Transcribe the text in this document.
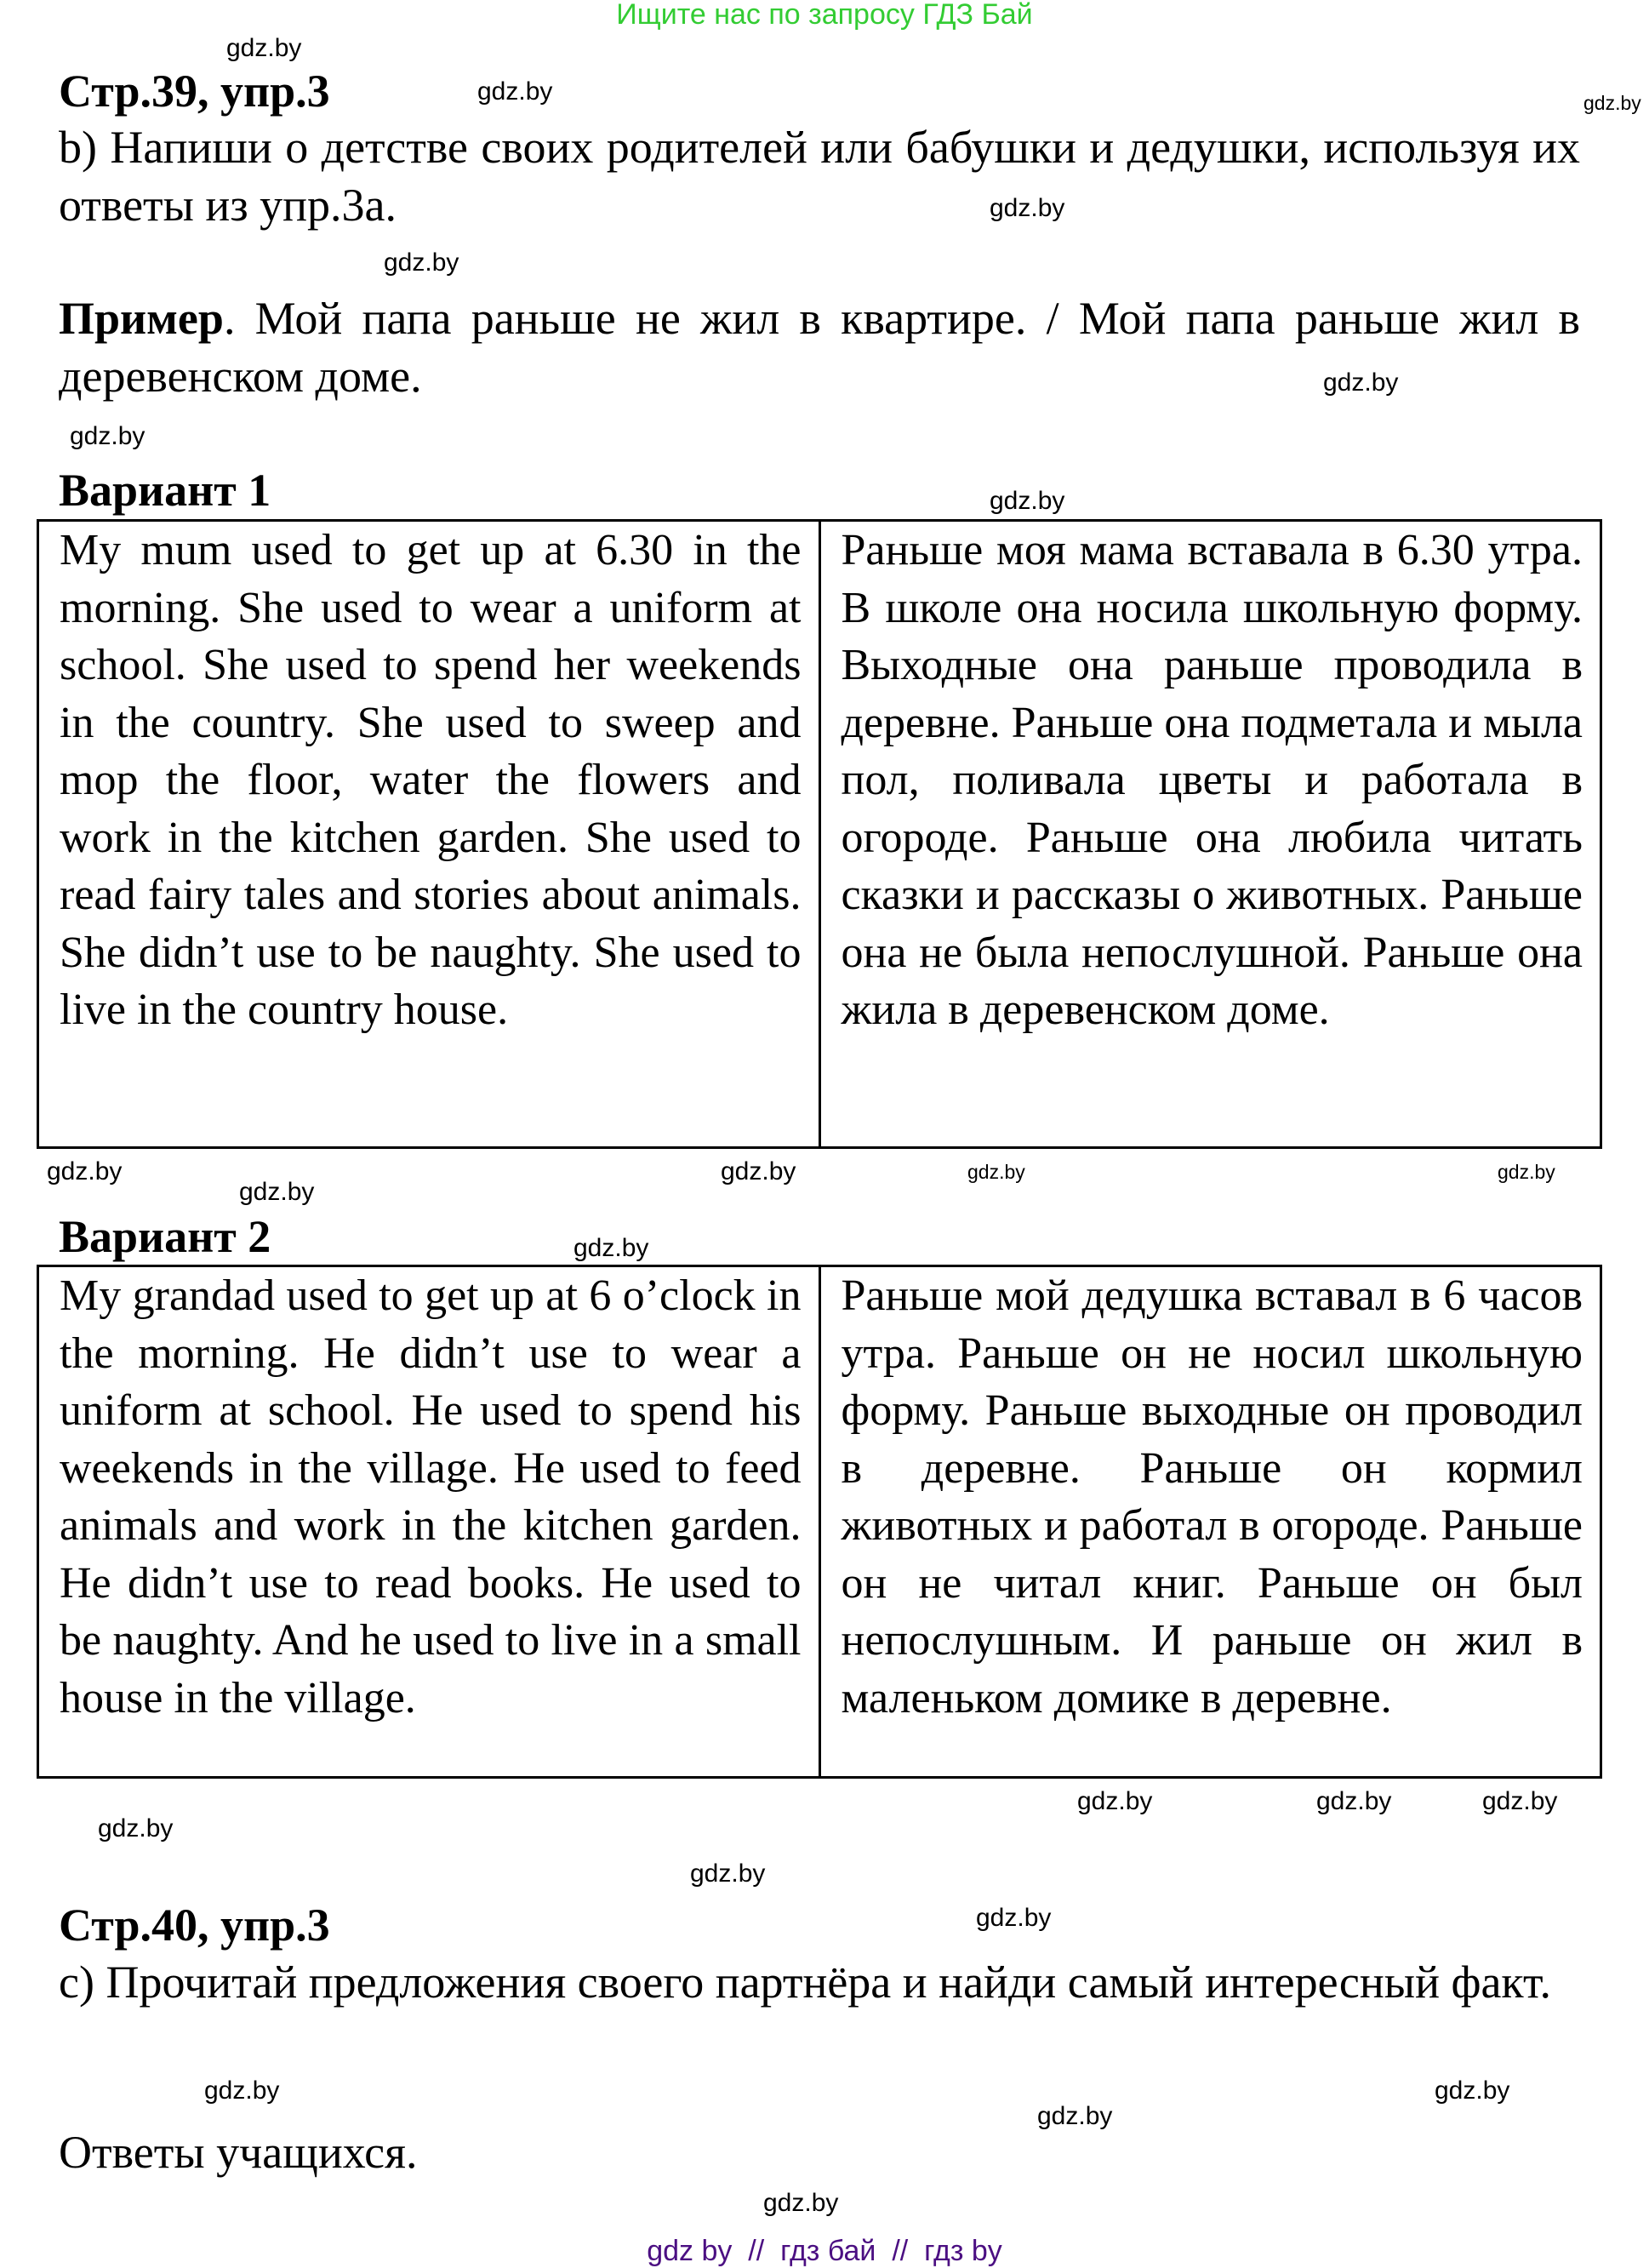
Ищите нас по запросу ГДЗ Бай
Стр.39, упр.3
b) Напиши о детстве своих родителей или бабушки и дедушки, используя их ответы из упр.3а.
Пример. Мой папа раньше не жил в квартире. / Мой папа раньше жил в деревенском доме.
Вариант 1
My mum used to get up at 6.30 in the morning. She used to wear a uniform at school. She used to spend her weekends in the country. She used to sweep and mop the floor, water the flowers and work in the kitchen garden. She used to read fairy tales and stories about animals. She didn’t use to be naughty. She used to live in the country house.	Раньше моя мама вставала в 6.30 утра. В школе она носила школьную форму. Выходные она раньше проводила в деревне. Раньше она подметала и мыла пол, поливала цветы и работала в огороде. Раньше она любила читать сказки и рассказы о животных. Раньше она не была непослушной. Раньше она жила в деревенском доме.
Вариант 2
My grandad used to get up at 6 o’clock in the morning. He didn’t use to wear a uniform at school. He used to spend his weekends in the village. He used to feed animals and work in the kitchen garden. He didn’t use to read books. He used to be naughty. And he used to live in a small house in the village.	Раньше мой дедушка вставал в 6 часов утра. Раньше он не носил школьную форму. Раньше выходные он проводил в деревне. Раньше он кормил животных и работал в огороде. Раньше он не читал книг. Раньше он был непослушным. И раньше он жил в маленьком домике в деревне.
Стр.40, упр.3
c) Прочитай предложения своего партнёра и найди самый интересный факт.
Ответы учащихся.
gdz.by
gdz.by	gdz.by
gdz.by
gdz.by
gdz.by
gdz.by
gdz.by
gdz.by
gdz.by	gdz.by	gdz.by
gdz.by
gdz.by
gdz.by	gdz.by	gdz.by
gdz.by
gdz.by
gdz.by
gdz.by	gdz.by
gdz.by
gdz.by
gdz by  //  гдз бай  //  гдз by
